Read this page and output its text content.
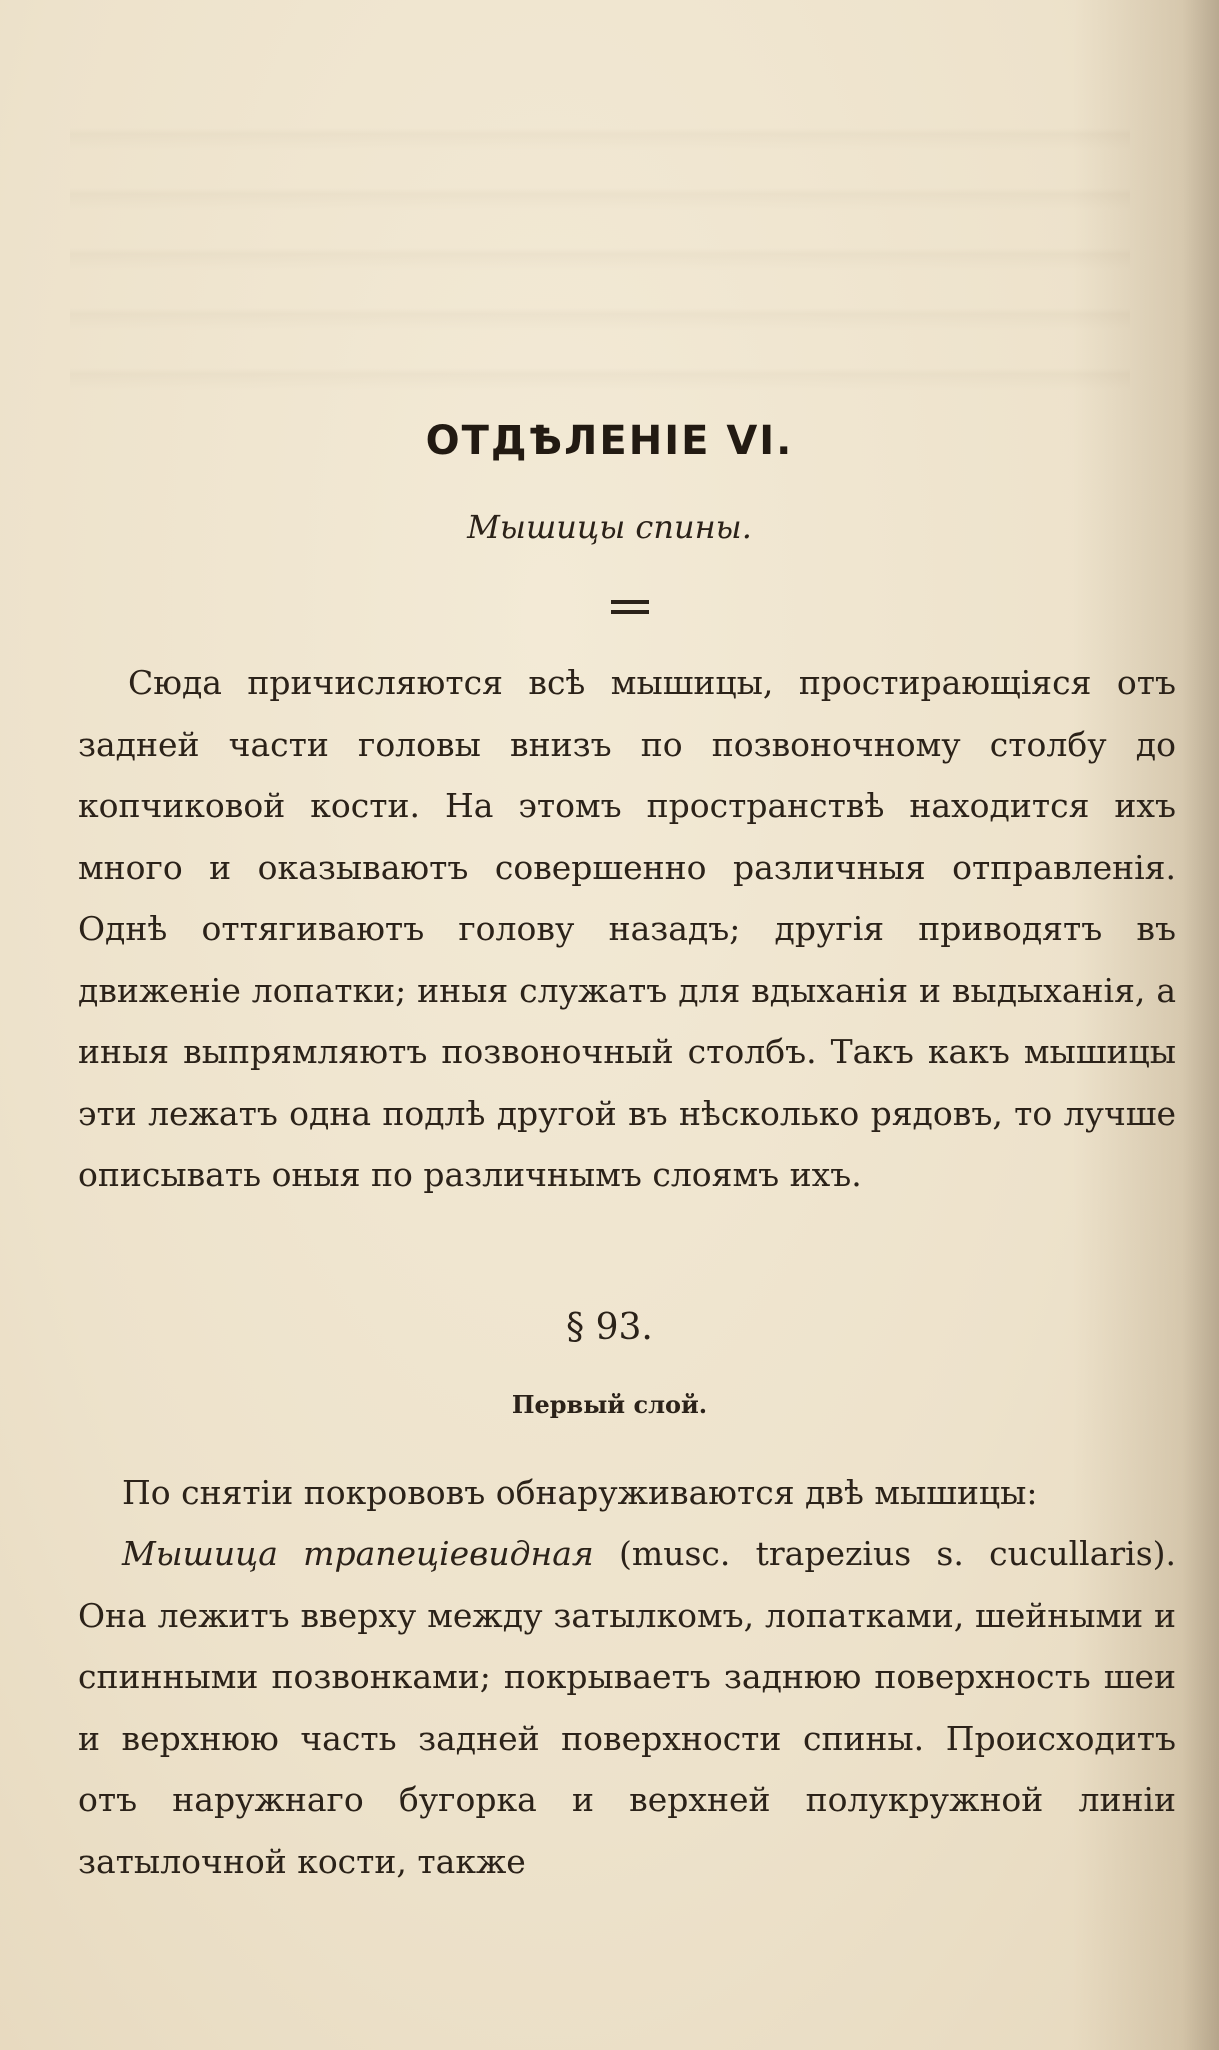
ОТДѢЛЕНІЕ VI.
Мышицы спины.
Сюда причисляются всѣ мышицы, простирающіяся отъ задней части головы внизъ по позвоночному столбу до копчиковой кости. На этомъ пространствѣ находится ихъ много и оказываютъ совершенно различныя отправленія. Однѣ оттягиваютъ голову назадъ; другія приводятъ въ движеніе лопатки; иныя служатъ для вдыханія и выдыханія, а иныя выпрямляютъ позвоночный столбъ. Такъ какъ мышицы эти лежатъ одна подлѣ другой въ нѣсколько рядовъ, то лучше описывать оныя по различнымъ слоямъ ихъ.
§ 93.
Первый слой.
По снятіи покрововъ обнаруживаются двѣ мышицы:
Мышица трапеціевидная (musc. trapezius s. cucullaris). Она лежитъ вверху между затылкомъ, лопатками, шейными и спинными позвонками; покрываетъ заднюю поверхность шеи и верхнюю часть задней поверхности спины. Происходитъ отъ наружнаго бугорка и верхней полукружной линіи затылочной кости, также
